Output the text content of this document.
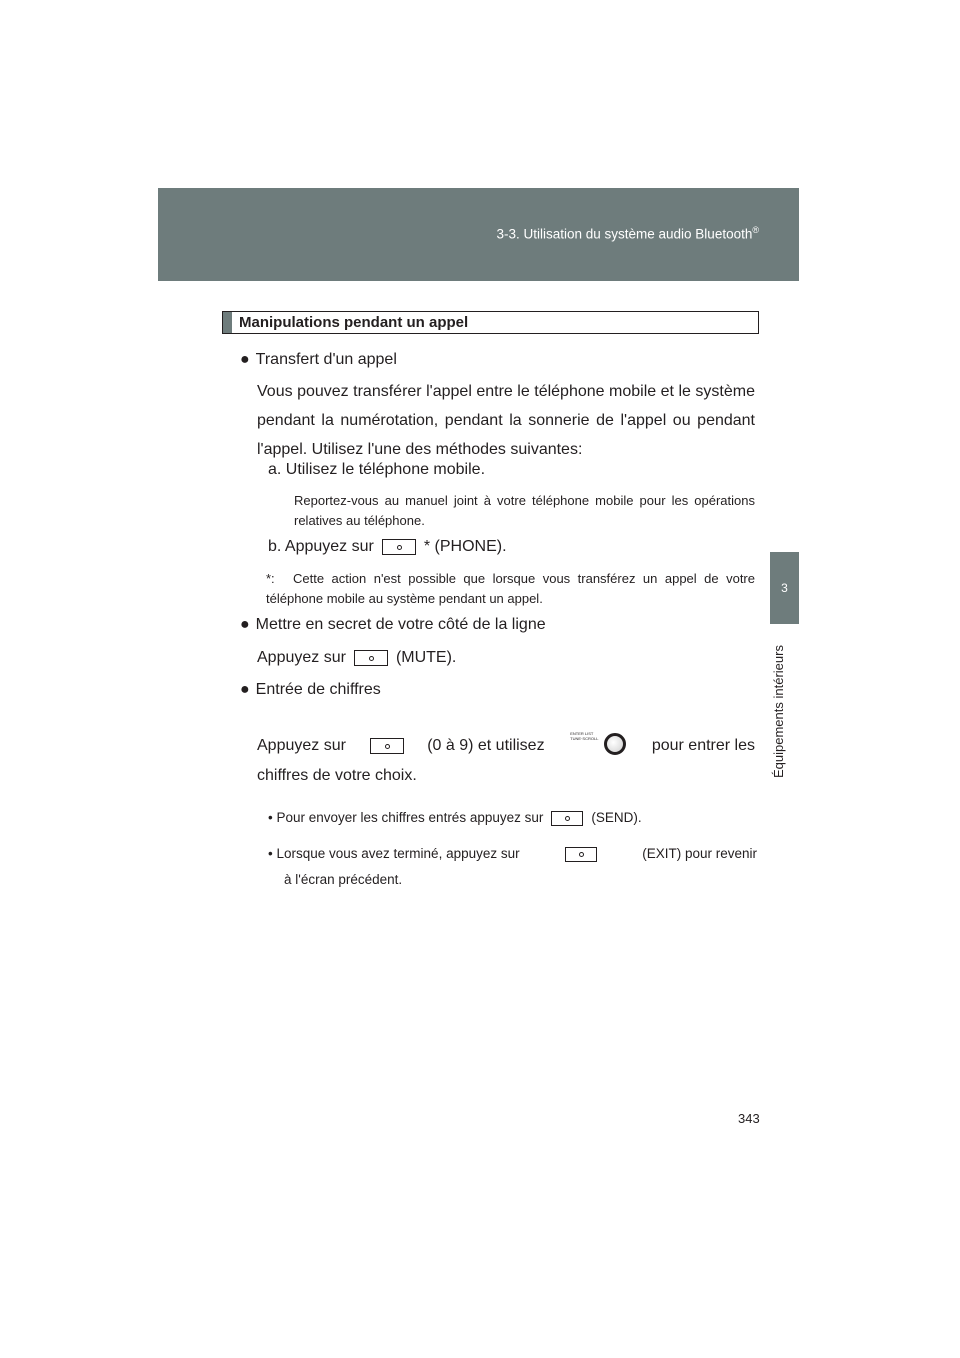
3-3. Utilisation du système audio Bluetooth®
3
Équipements intérieurs
Manipulations pendant un appel
● Transfert d'un appel
Vous pouvez transférer l'appel entre le téléphone mobile et le système pendant la numérotation, pendant la sonnerie de l'appel ou pendant l'appel. Utilisez l'une des méthodes suivantes:
a. Utilisez le téléphone mobile.
Reportez-vous au manuel joint à votre téléphone mobile pour les opérations relatives au téléphone.
b. Appuyez sur	* (PHONE).
*: Cette action n'est possible que lorsque vous transférez un appel de votre téléphone mobile au système pendant un appel.
● Mettre en secret de votre côté de la ligne
Appuyez sur	(MUTE).
● Entrée de chiffres
Appuyez sur	(0 à 9) et utilisez
ENTER LIST
TUNE·SCROLL	pour entrer les
chiffres de votre choix.
• Pour envoyer les chiffres entrés appuyez sur	(SEND).
• Lorsque vous avez terminé, appuyez sur	(EXIT) pour revenir
à l'écran précédent.
343
